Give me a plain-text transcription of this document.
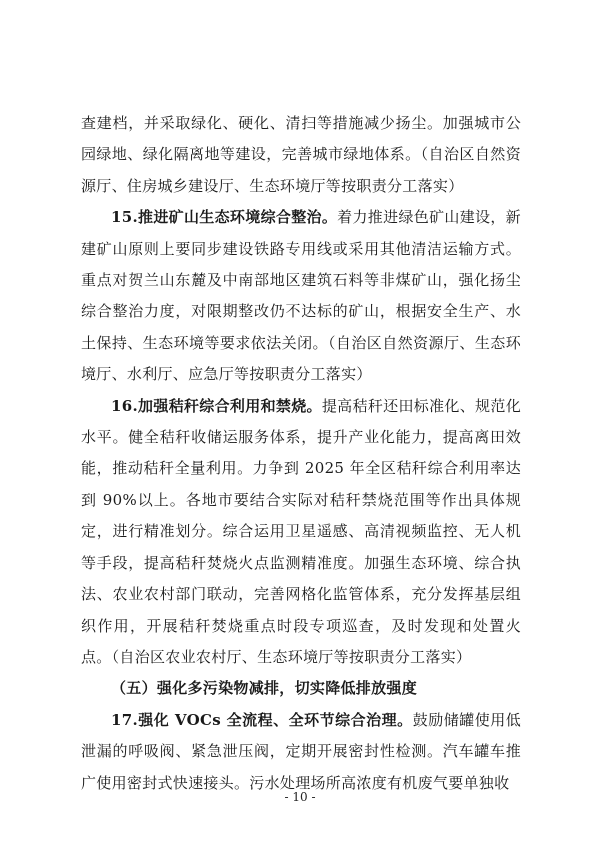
查建档，并采取绿化、硬化、清扫等措施减少扬尘。加强城市公园绿地、绿化隔离地等建设，完善城市绿地体系。（自治区自然资源厅、住房城乡建设厅、生态环境厅等按职责分工落实）

15.推进矿山生态环境综合整治。着力推进绿色矿山建设，新建矿山原则上要同步建设铁路专用线或采用其他清洁运输方式。重点对贺兰山东麓及中南部地区建筑石料等非煤矿山，强化扬尘综合整治力度，对限期整改仍不达标的矿山，根据安全生产、水土保持、生态环境等要求依法关闭。（自治区自然资源厅、生态环境厅、水利厅、应急厅等按职责分工落实）

16.加强秸秆综合利用和禁烧。提高秸秆还田标准化、规范化水平。健全秸秆收储运服务体系，提升产业化能力，提高离田效能，推动秸秆全量利用。力争到 2025 年全区秸秆综合利用率达到 90%以上。各地市要结合实际对秸秆禁烧范围等作出具体规定，进行精准划分。综合运用卫星遥感、高清视频监控、无人机等手段，提高秸秆焚烧火点监测精准度。加强生态环境、综合执法、农业农村部门联动，完善网格化监管体系，充分发挥基层组织作用，开展秸秆焚烧重点时段专项巡查，及时发现和处置火点。（自治区农业农村厅、生态环境厅等按职责分工落实）

（五）强化多污染物减排，切实降低排放强度

17.强化 VOCs 全流程、全环节综合治理。鼓励储罐使用低泄漏的呼吸阀、紧急泄压阀，定期开展密封性检测。汽车罐车推广使用密封式快速接头。污水处理场所高浓度有机废气要单独收

- 10 -
